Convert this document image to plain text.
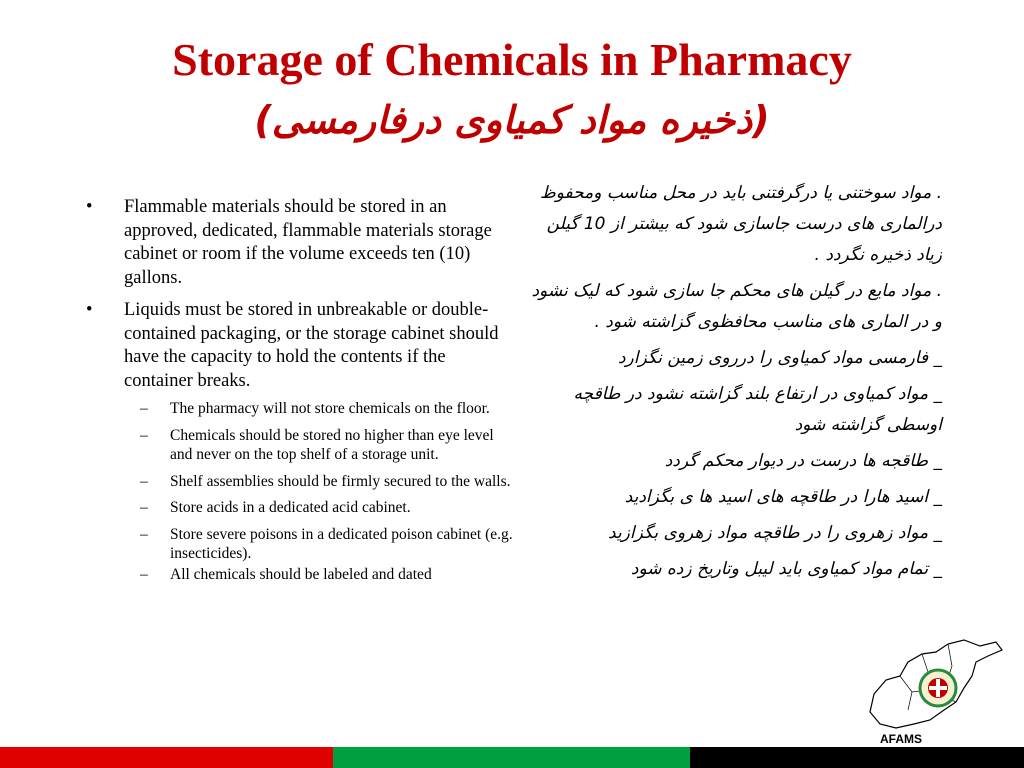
Storage of Chemicals in Pharmacy
(ذخیره مواد کمیاوی درفارمسی)
• Flammable materials should be stored in an approved, dedicated, flammable materials storage cabinet or room if the volume exceeds ten (10) gallons.
• Liquids must be stored in unbreakable or double-contained packaging, or the storage cabinet should have the capacity to hold the contents if the container breaks.
– The pharmacy will not store chemicals on the floor.
– Chemicals should be stored no higher than eye level and never on the top shelf of a storage unit.
– Shelf assemblies should be firmly secured to the walls.
– Store acids in a dedicated acid cabinet.
– Store severe poisons in a dedicated poison cabinet (e.g. insecticides).
– All chemicals should be labeled and dated

. مواد سوختنی یا درگرفتنی باید در محل مناسب ومحفوظ درالماری های درست جاسازی شود که بیشتر از 10 گیلن زیاد ذخیره نگردد .

. مواد مایع در گیلن های محکم جا سازی شود که لیک نشود و در الماری های مناسب محافظوی گزاشته شود .

_ فارمسی مواد کمیاوی را درروی زمین نگزارد

_ مواد کمیاوی در ارتفاع بلند گزاشته نشود در طاقچه اوسطی گزاشته شود

_ طاقجه ها درست در دیوار محکم گردد

_ اسید هارا در طاقچه های اسید ها ی بگزادید

_ مواد زهروی را در طاقچه مواد زهروی بگزازید

_ تمام مواد کمیاوی باید لیبل وتاریخ زده شود

AFAMS
